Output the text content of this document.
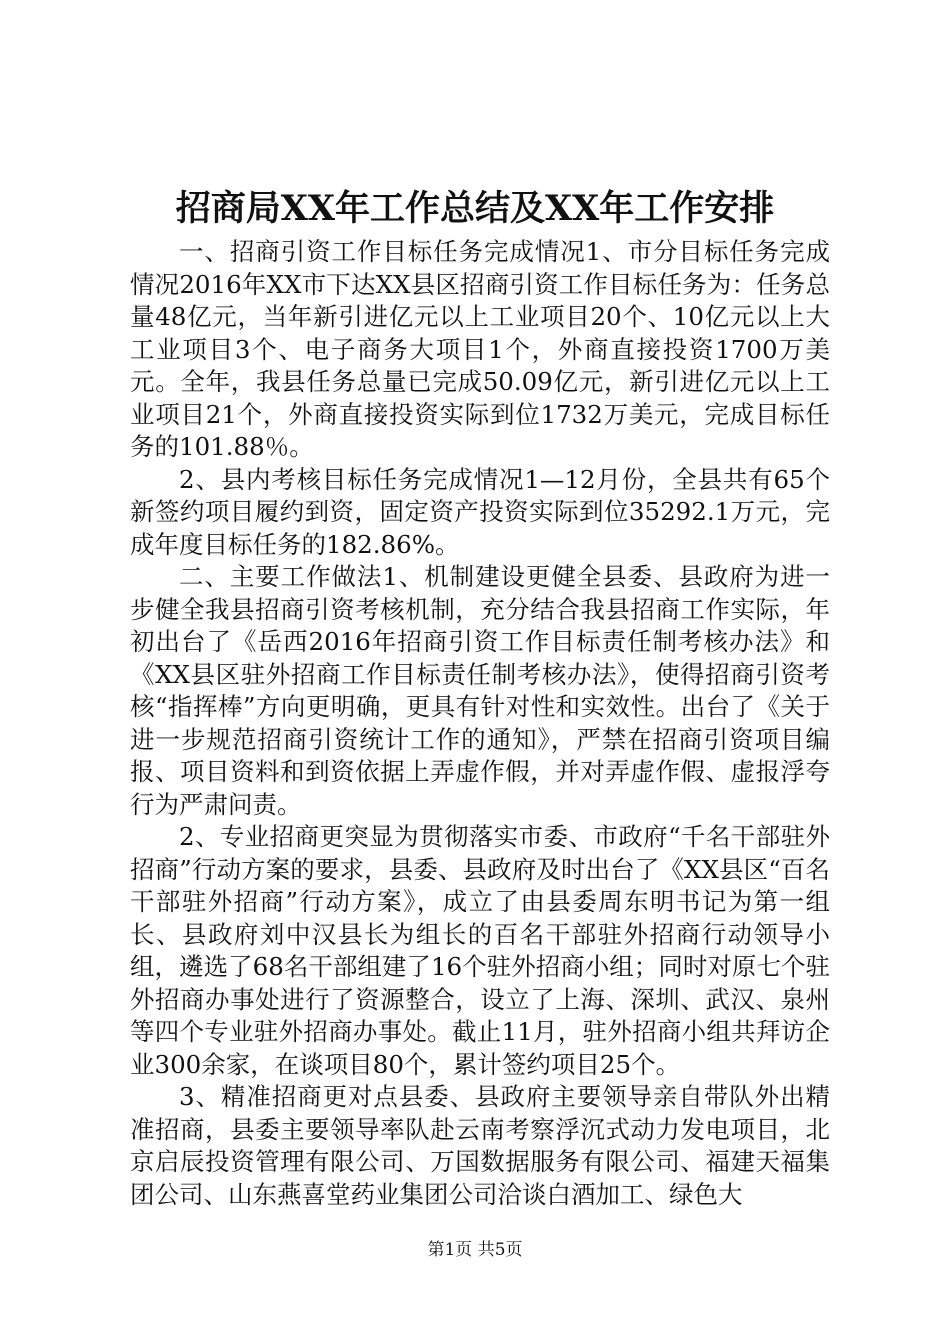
招商局XX年工作总结及XX年工作安排

一、招商引资工作目标任务完成情况1、市分目标任务完成情况2016年XX市下达XX县区招商引资工作目标任务为：任务总量48亿元，当年新引进亿元以上工业项目20个、10亿元以上大工业项目3个、电子商务大项目1个，外商直接投资1700万美元。全年，我县任务总量已完成50.09亿元，新引进亿元以上工业项目21个，外商直接投资实际到位1732万美元，完成目标任务的101.88％。

2、县内考核目标任务完成情况1—12月份，全县共有65个新签约项目履约到资，固定资产投资实际到位35292.1万元，完成年度目标任务的182.86%。

二、主要工作做法1、机制建设更健全县委、县政府为进一步健全我县招商引资考核机制，充分结合我县招商工作实际，年初出台了《岳西2016年招商引资工作目标责任制考核办法》和《XX县区驻外招商工作目标责任制考核办法》，使得招商引资考核“指挥棒”方向更明确，更具有针对性和实效性。出台了《关于进一步规范招商引资统计工作的通知》，严禁在招商引资项目编报、项目资料和到资依据上弄虚作假，并对弄虚作假、虚报浮夸行为严肃问责。

2、专业招商更突显为贯彻落实市委、市政府“千名干部驻外招商”行动方案的要求，县委、县政府及时出台了《XX县区“百名干部驻外招商”行动方案》，成立了由县委周东明书记为第一组长、县政府刘中汉县长为组长的百名干部驻外招商行动领导小组，遴选了68名干部组建了16个驻外招商小组；同时对原七个驻外招商办事处进行了资源整合，设立了上海、深圳、武汉、泉州等四个专业驻外招商办事处。截止11月，驻外招商小组共拜访企业300余家，在谈项目80个，累计签约项目25个。

3、精准招商更对点县委、县政府主要领导亲自带队外出精准招商，县委主要领导率队赴云南考察浮沉式动力发电项目，北京启辰投资管理有限公司、万国数据服务有限公司、福建天福集团公司、山东燕喜堂药业集团公司洽谈白酒加工、绿色大

第1页 共5页
